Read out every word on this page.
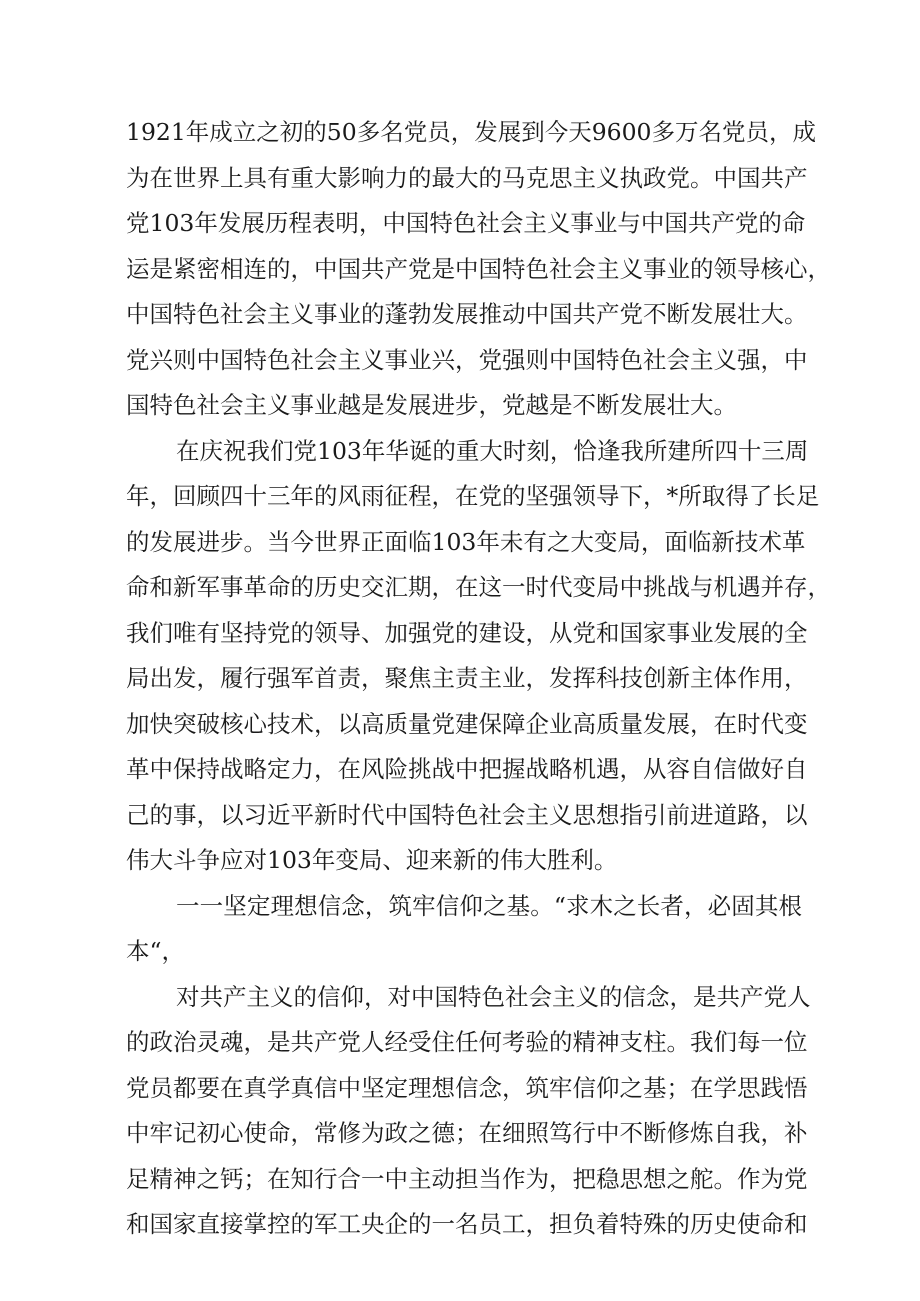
1921年成立之初的50多名党员，发展到今天9600多万名党员，成
为在世界上具有重大影响力的最大的马克思主义执政党。中国共产
党103年发展历程表明，中国特色社会主义事业与中国共产党的命
运是紧密相连的，中国共产党是中国特色社会主义事业的领导核心，
中国特色社会主义事业的蓬勃发展推动中国共产党不断发展壮大。
党兴则中国特色社会主义事业兴，党强则中国特色社会主义强，中
国特色社会主义事业越是发展进步，党越是不断发展壮大。
在庆祝我们党103年华诞的重大时刻，恰逢我所建所四十三周
年，回顾四十三年的风雨征程，在党的坚强领导下，*所取得了长足
的发展进步。当今世界正面临103年未有之大变局，面临新技术革
命和新军事革命的历史交汇期，在这一时代变局中挑战与机遇并存，
我们唯有坚持党的领导、加强党的建设，从党和国家事业发展的全
局出发，履行强军首责，聚焦主责主业，发挥科技创新主体作用，
加快突破核心技术，以高质量党建保障企业高质量发展，在时代变
革中保持战略定力，在风险挑战中把握战略机遇，从容自信做好自
己的事，以习近平新时代中国特色社会主义思想指引前进道路，以
伟大斗争应对103年变局、迎来新的伟大胜利。
一一坚定理想信念，筑牢信仰之基。“求木之长者，必固其根
本“，
对共产主义的信仰，对中国特色社会主义的信念，是共产党人
的政治灵魂，是共产党人经受住任何考验的精神支柱。我们每一位
党员都要在真学真信中坚定理想信念，筑牢信仰之基；在学思践悟
中牢记初心使命，常修为政之德；在细照笃行中不断修炼自我，补
足精神之钙；在知行合一中主动担当作为，把稳思想之舵。作为党
和国家直接掌控的军工央企的一名员工，担负着特殊的历史使命和
